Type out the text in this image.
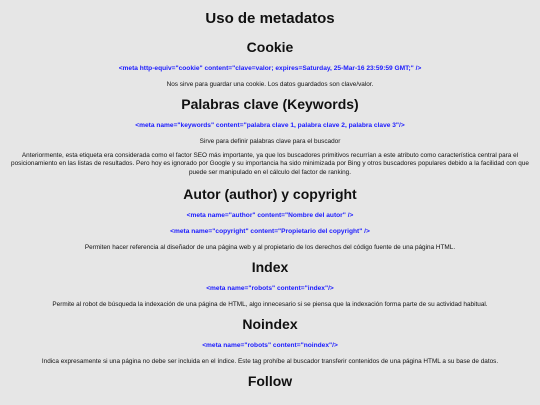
Uso de metadatos
Cookie
<meta http-equiv="cookie" content="clave=valor; expires=Saturday, 25-Mar-16 23:59:59 GMT;" />
Nos sirve para guardar una cookie. Los datos guardados son clave/valor.
Palabras clave (Keywords)
<meta name="keywords" content="palabra clave 1, palabra clave 2, palabra clave 3"/>
Sirve para definir palabras clave para el buscador
Anteriormente, esta etiqueta era considerada como el factor SEO más importante, ya que los buscadores primitivos recurrían a este atributo como característica central para el posicionamiento en las listas de resultados. Pero hoy es ignorado por Google y su importancia ha sido minimizada por Bing y otros buscadores populares debido a la facilidad con que puede ser manipulado en el cálculo del factor de ranking.
Autor (author) y copyright
<meta name="author" content="Nombre del autor" />
<meta name="copyright" content="Propietario del copyright" />
Permiten hacer referencia al diseñador de una página web y al propietario de los derechos del código fuente de una página HTML.
Index
<meta name="robots" content="index"/>
Permite al robot de búsqueda la indexación de una página de HTML, algo innecesario si se piensa que la indexación forma parte de su actividad habitual.
Noindex
<meta name="robots" content="noindex"/>
Indica expresamente si una página no debe ser incluida en el índice. Este tag prohíbe al buscador transferir contenidos de una página HTML a su base de datos.
Follow
